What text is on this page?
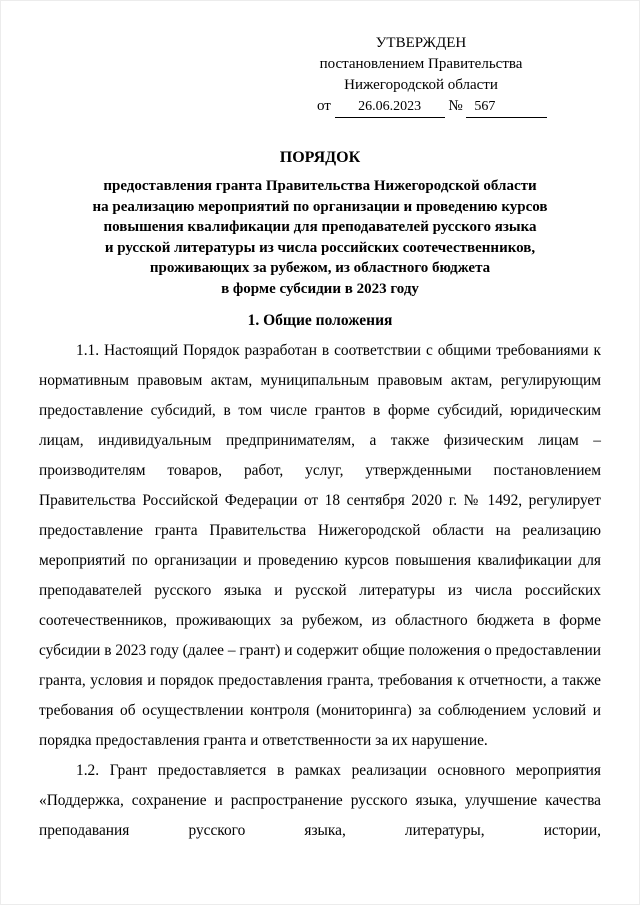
УТВЕРЖДЕН
постановлением Правительства
Нижегородской области
от 26.06.2023 № 567
ПОРЯДОК
предоставления гранта Правительства Нижегородской области
на реализацию мероприятий по организации и проведению курсов
повышения квалификации для преподавателей русского языка
и русской литературы из числа российских соотечественников,
проживающих за рубежом, из областного бюджета
в форме субсидии в 2023 году
1. Общие положения

1.1. Настоящий Порядок разработан в соответствии с общими требованиями к нормативным правовым актам, муниципальным правовым актам, регулирующим предоставление субсидий, в том числе грантов в форме субсидий, юридическим лицам, индивидуальным предпринимателям, а также физическим лицам – производителям товаров, работ, услуг, утвержденными постановлением Правительства Российской Федерации от 18 сентября 2020 г. № 1492, регулирует предоставление гранта Правительства Нижегородской области на реализацию мероприятий по организации и проведению курсов повышения квалификации для преподавателей русского языка и русской литературы из числа российских соотечественников, проживающих за рубежом, из областного бюджета в форме субсидии в 2023 году (далее – грант) и содержит общие положения о предоставлении гранта, условия и порядок предоставления гранта, требования к отчетности, а также требования об осуществлении контроля (мониторинга) за соблюдением условий и порядка предоставления гранта и ответственности за их нарушение.

1.2. Грант предоставляется в рамках реализации основного мероприятия «Поддержка, сохранение и распространение русского языка, улучшение качества преподавания русского языка, литературы, истории,
